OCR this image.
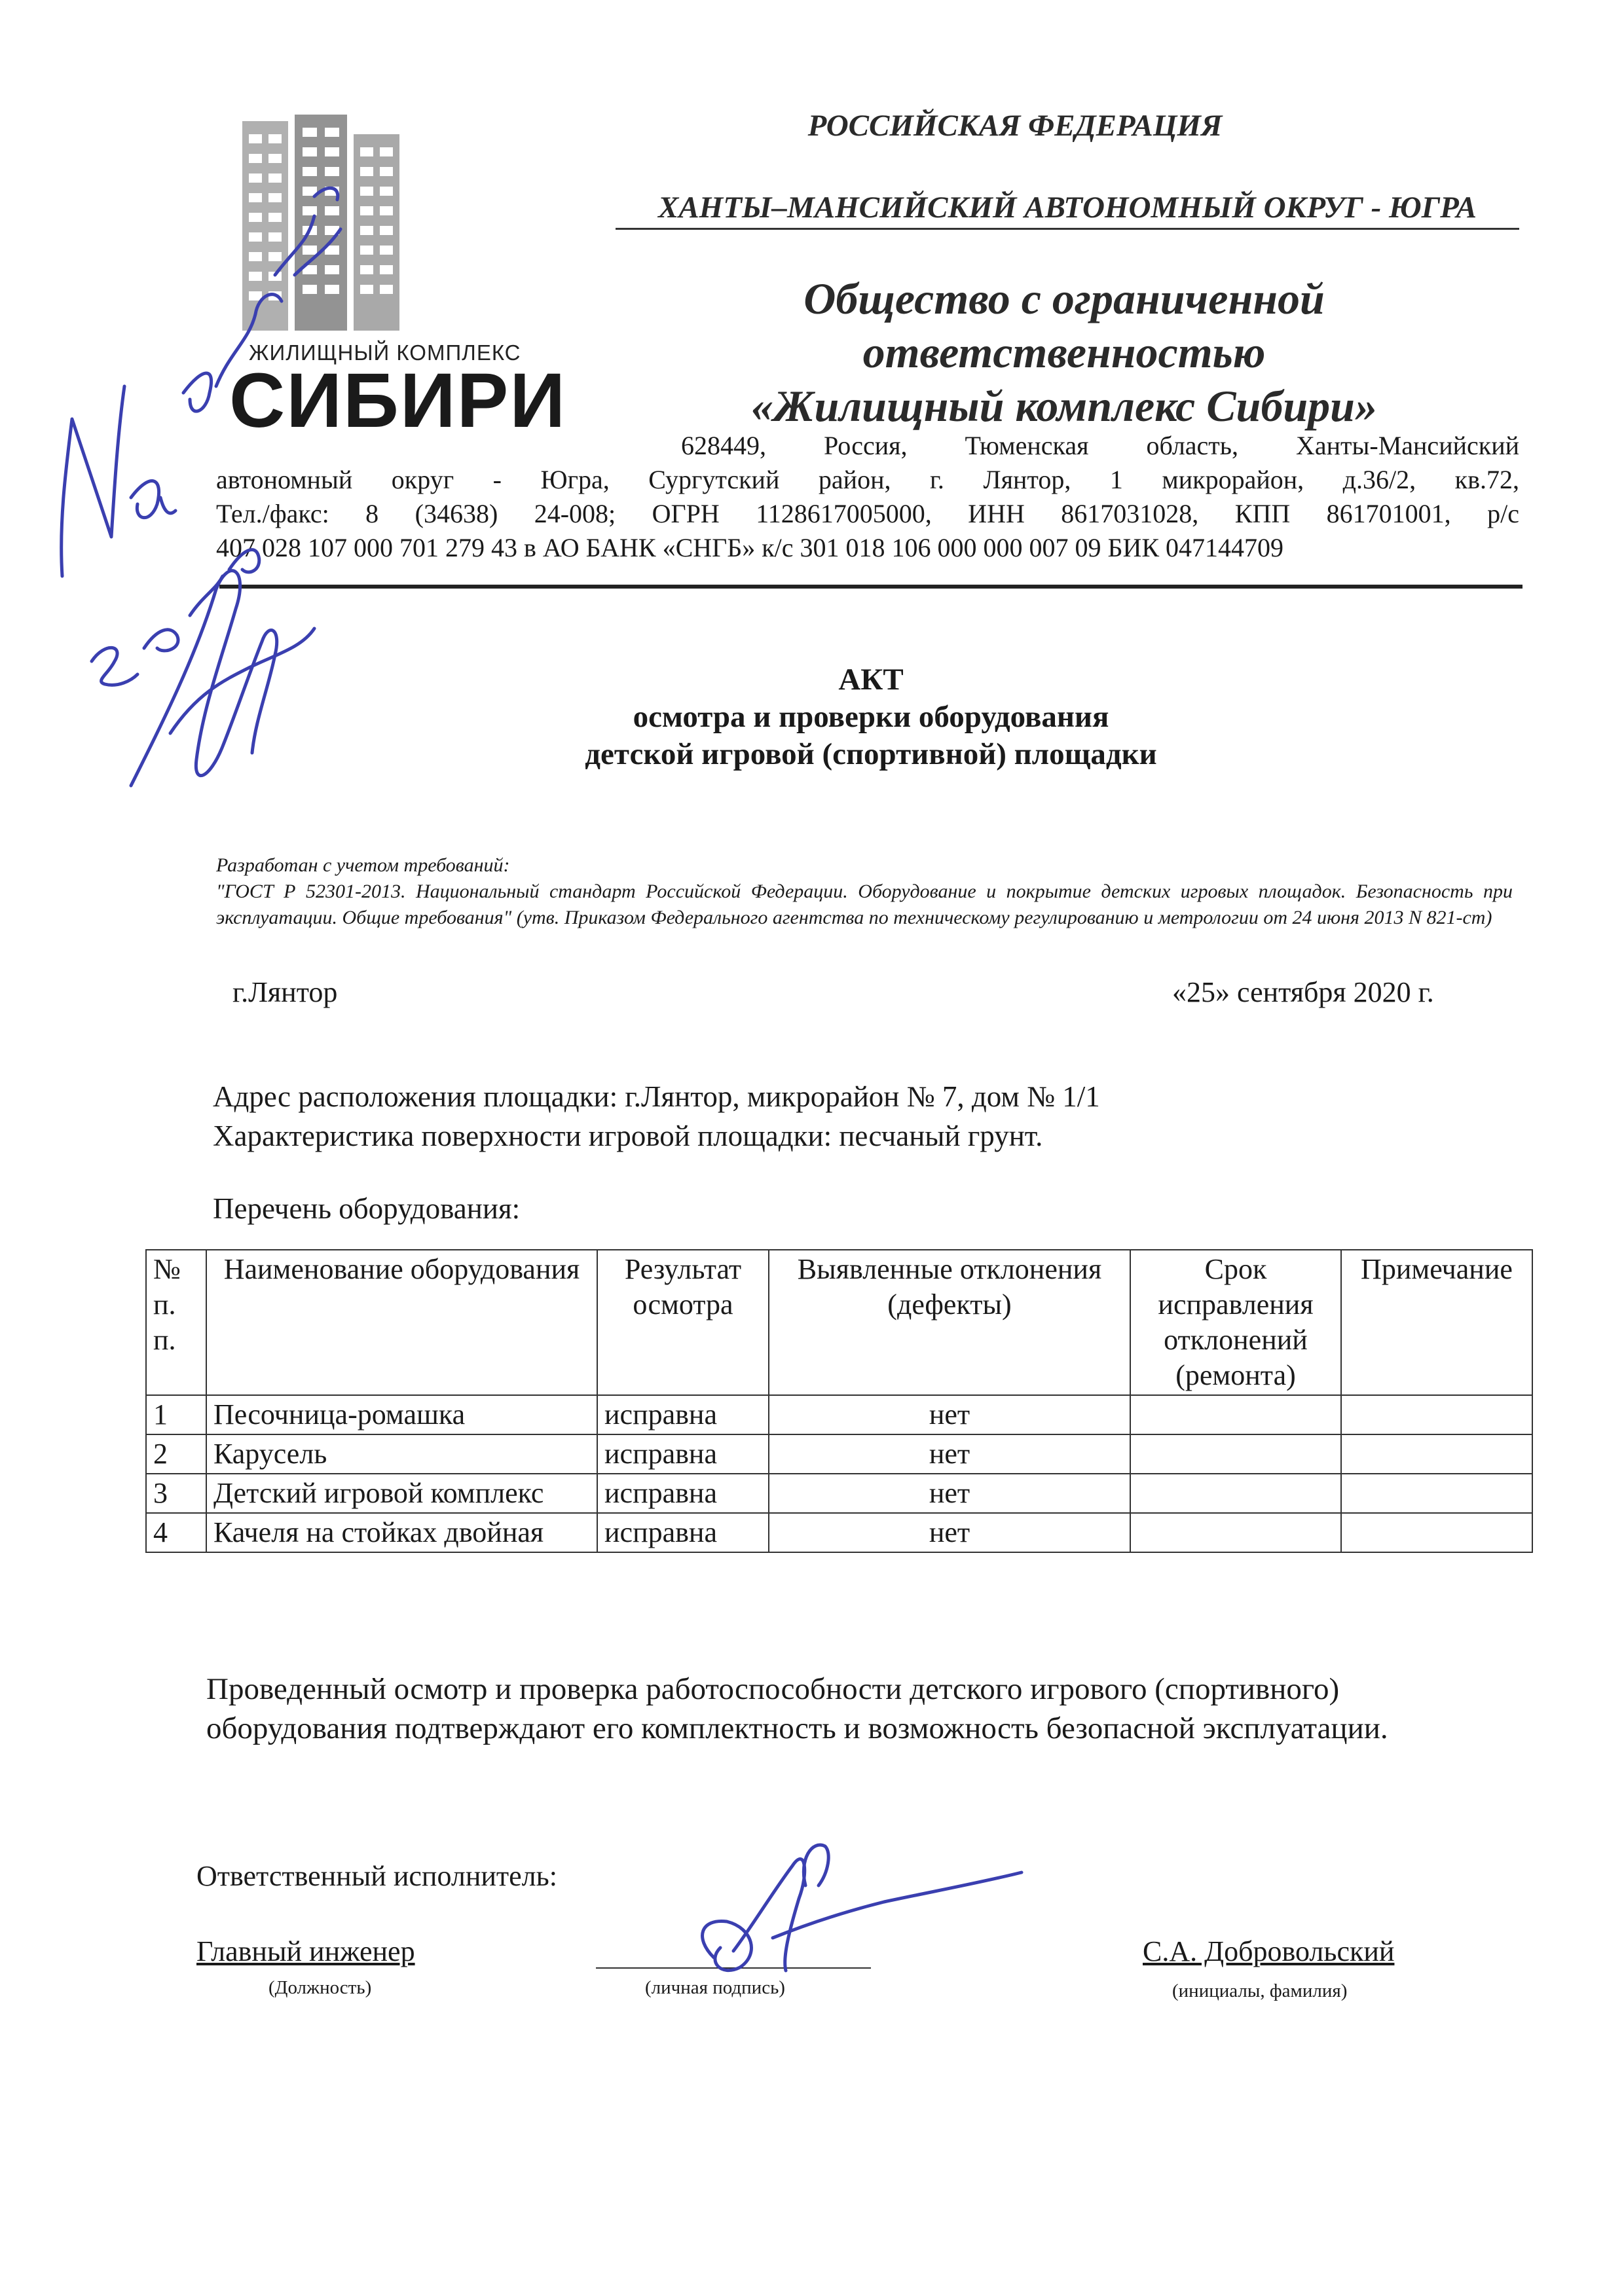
ЖИЛИЩНЫЙ КОМПЛЕКС
СИБИРИ
РОССИЙСКАЯ ФЕДЕРАЦИЯ
ХАНТЫ–МАНСИЙСКИЙ АВТОНОМНЫЙ ОКРУГ - ЮГРА
Общество с ограниченной
ответственностью
«Жилищный комплекс Сибири»
628449, Россия, Тюменская область, Ханты-Мансийский
автономный округ - Югра, Сургутский район, г. Лянтор, 1 микрорайон, д.36/2, кв.72,
Тел./факс: 8 (34638) 24-008; ОГРН 1128617005000, ИНН 8617031028, КПП 861701001, р/с
407 028 107 000 701 279 43 в АО БАНК «СНГБ» к/с 301 018 106 000 000 007 09 БИК 047144709
АКТ
осмотра и проверки оборудования
детской игровой (спортивной) площадки
Разработан с учетом требований:
"ГОСТ Р 52301-2013. Национальный стандарт Российской Федерации. Оборудование и покрытие детских игровых площадок. Безопасность при эксплуатации. Общие требования" (утв. Приказом Федерального агентства по техническому регулированию и метрологии от 24 июня 2013 N 821-ст)
г.Лянтор	«25» сентября 2020 г.
Адрес расположения площадки: г.Лянтор, микрорайон № 7, дом № 1/1
Характеристика поверхности игровой площадки: песчаный грунт.
Перечень оборудования:
№ п. п.	Наименование оборудования	Результат осмотра	Выявленные отклонения (дефекты)	Срок исправления отклонений (ремонта)	Примечание
1	Песочница-ромашка	исправна	нет		
2	Карусель	исправна	нет		
3	Детский игровой комплекс	исправна	нет		
4	Качеля на стойках двойная	исправна	нет		
Проведенный осмотр и проверка работоспособности детского игрового (спортивного) оборудования подтверждают его комплектность и возможность безопасной эксплуатации.
Ответственный исполнитель:
Главный инженер
(Должность)	(личная подпись)
С.А. Добровольский
(инициалы, фамилия)
